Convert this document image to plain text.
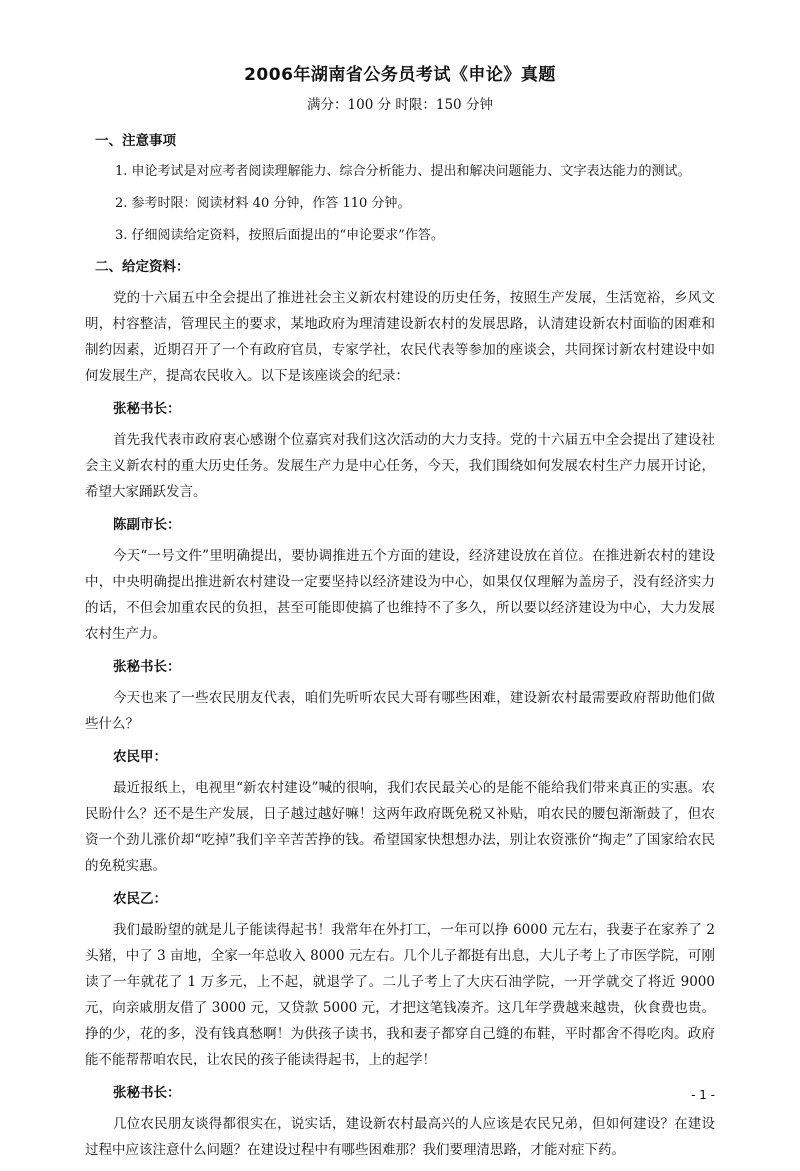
2006年湖南省公务员考试《申论》真题
满分：100 分 时限：150 分钟
一、注意事项

1. 申论考试是对应考者阅读理解能力、综合分析能力、提出和解决问题能力、文字表达能力的测试。

2. 参考时限：阅读材料 40 分钟，作答 110 分钟。

3. 仔细阅读给定资料，按照后面提出的“申论要求”作答。

二、给定资料：

党的十六届五中全会提出了推进社会主义新农村建设的历史任务，按照生产发展，生活宽裕，乡风文明，村容整洁，管理民主的要求，某地政府为理清建设新农村的发展思路，认清建设新农村面临的困难和制约因素，近期召开了一个有政府官员，专家学社，农民代表等参加的座谈会，共同探讨新农村建设中如何发展生产，提高农民收入。以下是该座谈会的纪录：

张秘书长：

首先我代表市政府衷心感谢个位嘉宾对我们这次活动的大力支持。党的十六届五中全会提出了建设社会主义新农村的重大历史任务。发展生产力是中心任务，今天，我们围绕如何发展农村生产力展开讨论，希望大家踊跃发言。

陈副市长：

今天“一号文件”里明确提出，要协调推进五个方面的建设，经济建设放在首位。在推进新农村的建设中，中央明确提出推进新农村建设一定要坚持以经济建设为中心，如果仅仅理解为盖房子，没有经济实力的话，不但会加重农民的负担，甚至可能即使搞了也维持不了多久，所以要以经济建设为中心，大力发展农村生产力。

张秘书长：

今天也来了一些农民朋友代表，咱们先听听农民大哥有哪些困难，建设新农村最需要政府帮助他们做些什么？

农民甲：

最近报纸上，电视里“新农村建设”喊的很响，我们农民最关心的是能不能给我们带来真正的实惠。农民盼什么？还不是生产发展，日子越过越好嘛！这两年政府既免税又补贴，咱农民的腰包渐渐鼓了，但农资一个劲儿涨价却“吃掉”我们辛辛苦苦挣的钱。希望国家快想想办法，别让农资涨价“掏走”了国家给农民的免税实惠。

农民乙：

我们最盼望的就是儿子能读得起书！我常年在外打工，一年可以挣 6000 元左右，我妻子在家养了 2 头猪，中了 3 亩地，全家一年总收入 8000 元左右。几个儿子都挺有出息，大儿子考上了市医学院，可刚读了一年就花了 1 万多元，上不起，就退学了。二儿子考上了大庆石油学院，一开学就交了将近 9000 元，向亲戚朋友借了 3000 元，又贷款 5000 元，才把这笔钱凑齐。这几年学费越来越贵，伙食费也贵。挣的少，花的多，没有钱真愁啊！为供孩子读书，我和妻子都穿自己缝的布鞋，平时都舍不得吃肉。政府能不能帮帮咱农民，让农民的孩子能读得起书，上的起学！

张秘书长：

几位农民朋友谈得都很实在，说实话，建设新农村最高兴的人应该是农民兄弟，但如何建设？在建设过程中应该注意什么问题？在建设过程中有哪些困难那？我们要理清思路，才能对症下药。

- 1 -
